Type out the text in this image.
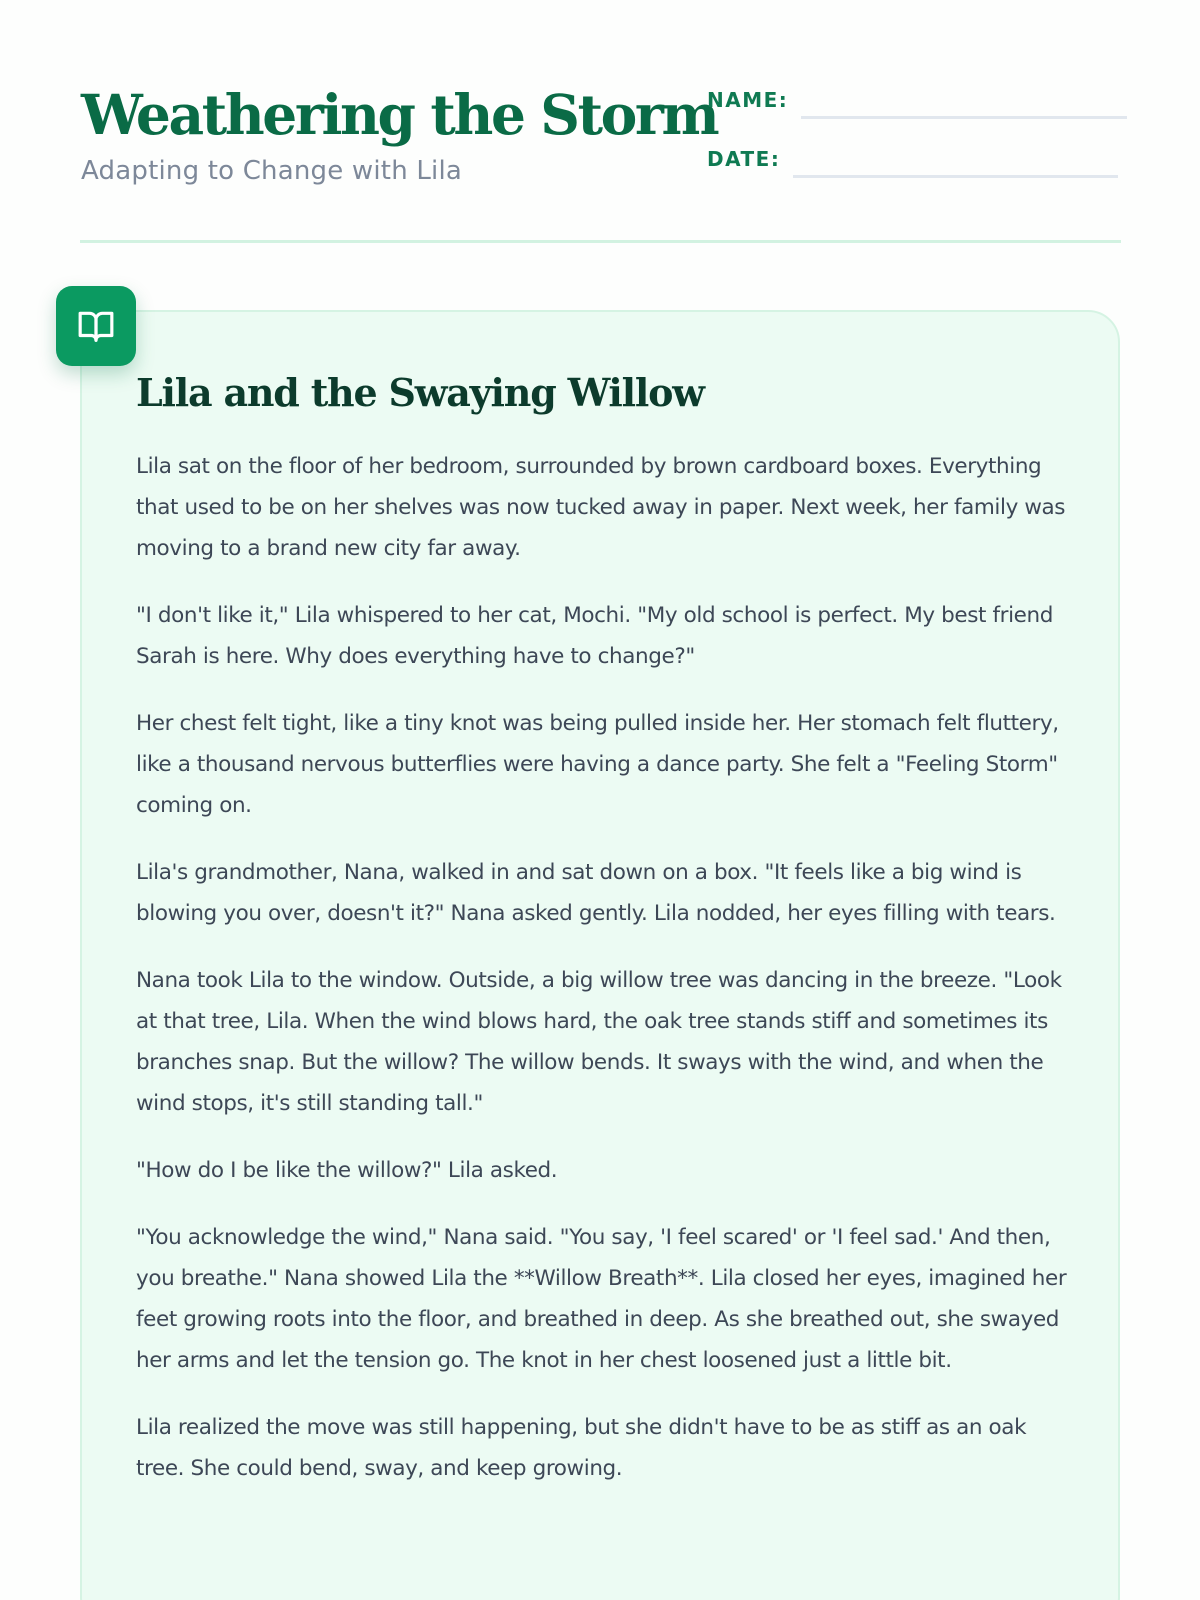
Weathering the Storm

Adapting to Change with Lila

NAME:
DATE:
Lila and the Swaying Willow

Lila sat on the floor of her bedroom, surrounded by brown cardboard boxes. Everything that used to be on her shelves was now tucked away in paper. Next week, her family was moving to a brand new city far away.

"I don't like it," Lila whispered to her cat, Mochi. "My old school is perfect. My best friend Sarah is here. Why does everything have to change?"

Her chest felt tight, like a tiny knot was being pulled inside her. Her stomach felt fluttery, like a thousand nervous butterflies were having a dance party. She felt a "Feeling Storm" coming on.

Lila's grandmother, Nana, walked in and sat down on a box. "It feels like a big wind is blowing you over, doesn't it?" Nana asked gently. Lila nodded, her eyes filling with tears.

Nana took Lila to the window. Outside, a big willow tree was dancing in the breeze. "Look at that tree, Lila. When the wind blows hard, the oak tree stands stiff and sometimes its branches snap. But the willow? The willow bends. It sways with the wind, and when the wind stops, it's still standing tall."

"How do I be like the willow?" Lila asked.

"You acknowledge the wind," Nana said. "You say, 'I feel scared' or 'I feel sad.' And then, you breathe." Nana showed Lila the **Willow Breath**. Lila closed her eyes, imagined her feet growing roots into the floor, and breathed in deep. As she breathed out, she swayed her arms and let the tension go. The knot in her chest loosened just a little bit.

Lila realized the move was still happening, but she didn't have to be as stiff as an oak tree. She could bend, sway, and keep growing.
